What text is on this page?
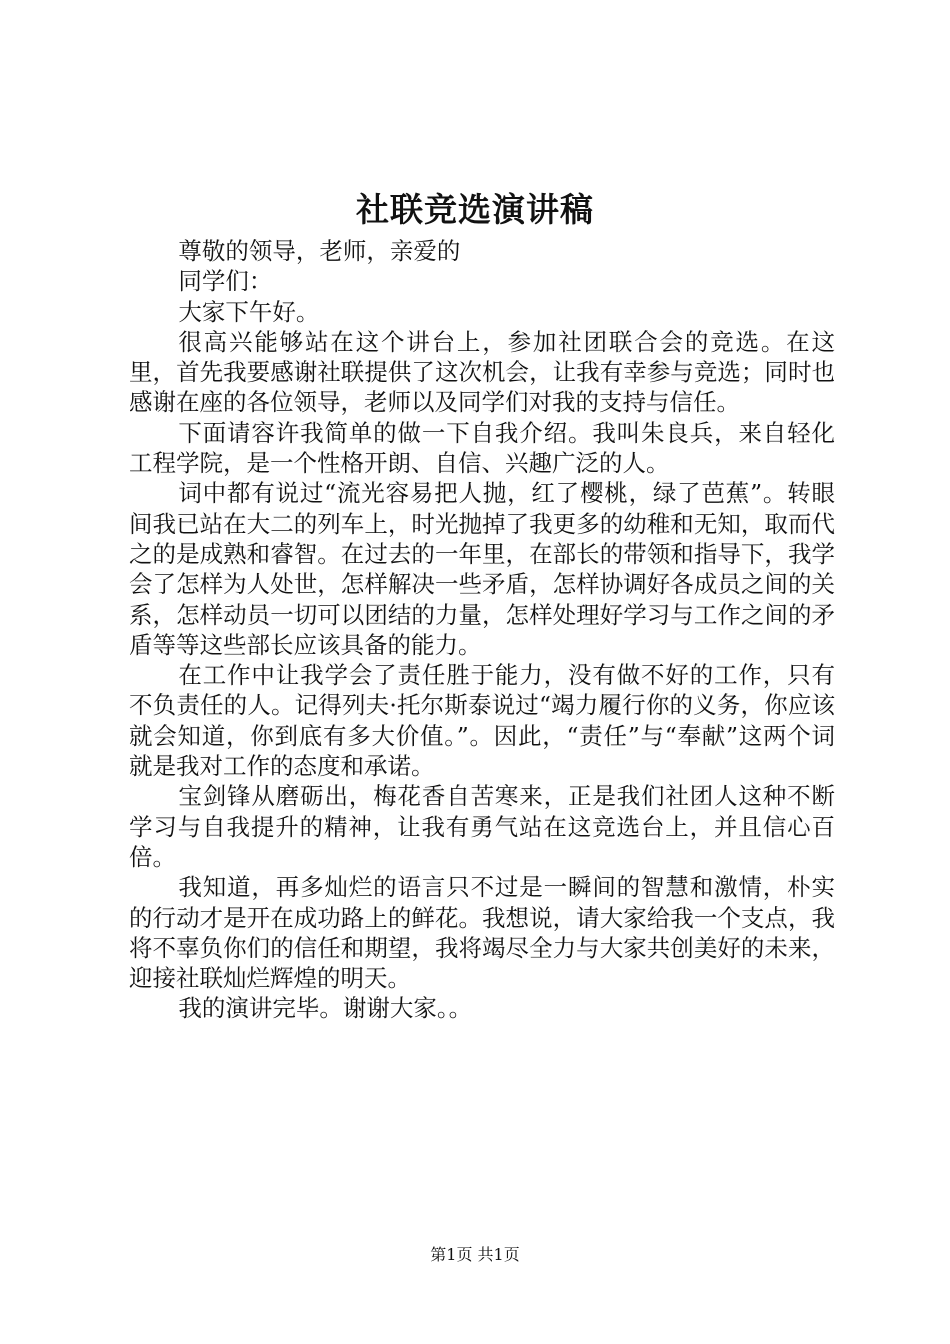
社联竞选演讲稿

尊敬的领导，老师，亲爱的

同学们：

大家下午好。

很高兴能够站在这个讲台上，参加社团联合会的竞选。在这里，首先我要感谢社联提供了这次机会，让我有幸参与竞选；同时也感谢在座的各位领导，老师以及同学们对我的支持与信任。

下面请容许我简单的做一下自我介绍。我叫朱良兵，来自轻化工程学院，是一个性格开朗、自信、兴趣广泛的人。

词中都有说过“流光容易把人抛，红了樱桃，绿了芭蕉”。转眼间我已站在大二的列车上，时光抛掉了我更多的幼稚和无知，取而代之的是成熟和睿智。在过去的一年里，在部长的带领和指导下，我学会了怎样为人处世，怎样解决一些矛盾，怎样协调好各成员之间的关系，怎样动员一切可以团结的力量，怎样处理好学习与工作之间的矛盾等等这些部长应该具备的能力。

在工作中让我学会了责任胜于能力，没有做不好的工作，只有不负责任的人。记得列夫·托尔斯泰说过“竭力履行你的义务，你应该就会知道，你到底有多大价值。”。因此，“责任”与“奉献”这两个词就是我对工作的态度和承诺。

宝剑锋从磨砺出，梅花香自苦寒来，正是我们社团人这种不断学习与自我提升的精神，让我有勇气站在这竞选台上，并且信心百倍。

我知道，再多灿烂的语言只不过是一瞬间的智慧和激情，朴实的行动才是开在成功路上的鲜花。我想说，请大家给我一个支点，我将不辜负你们的信任和期望，我将竭尽全力与大家共创美好的未来，迎接社联灿烂辉煌的明天。

我的演讲完毕。谢谢大家。。

第1页 共1页
